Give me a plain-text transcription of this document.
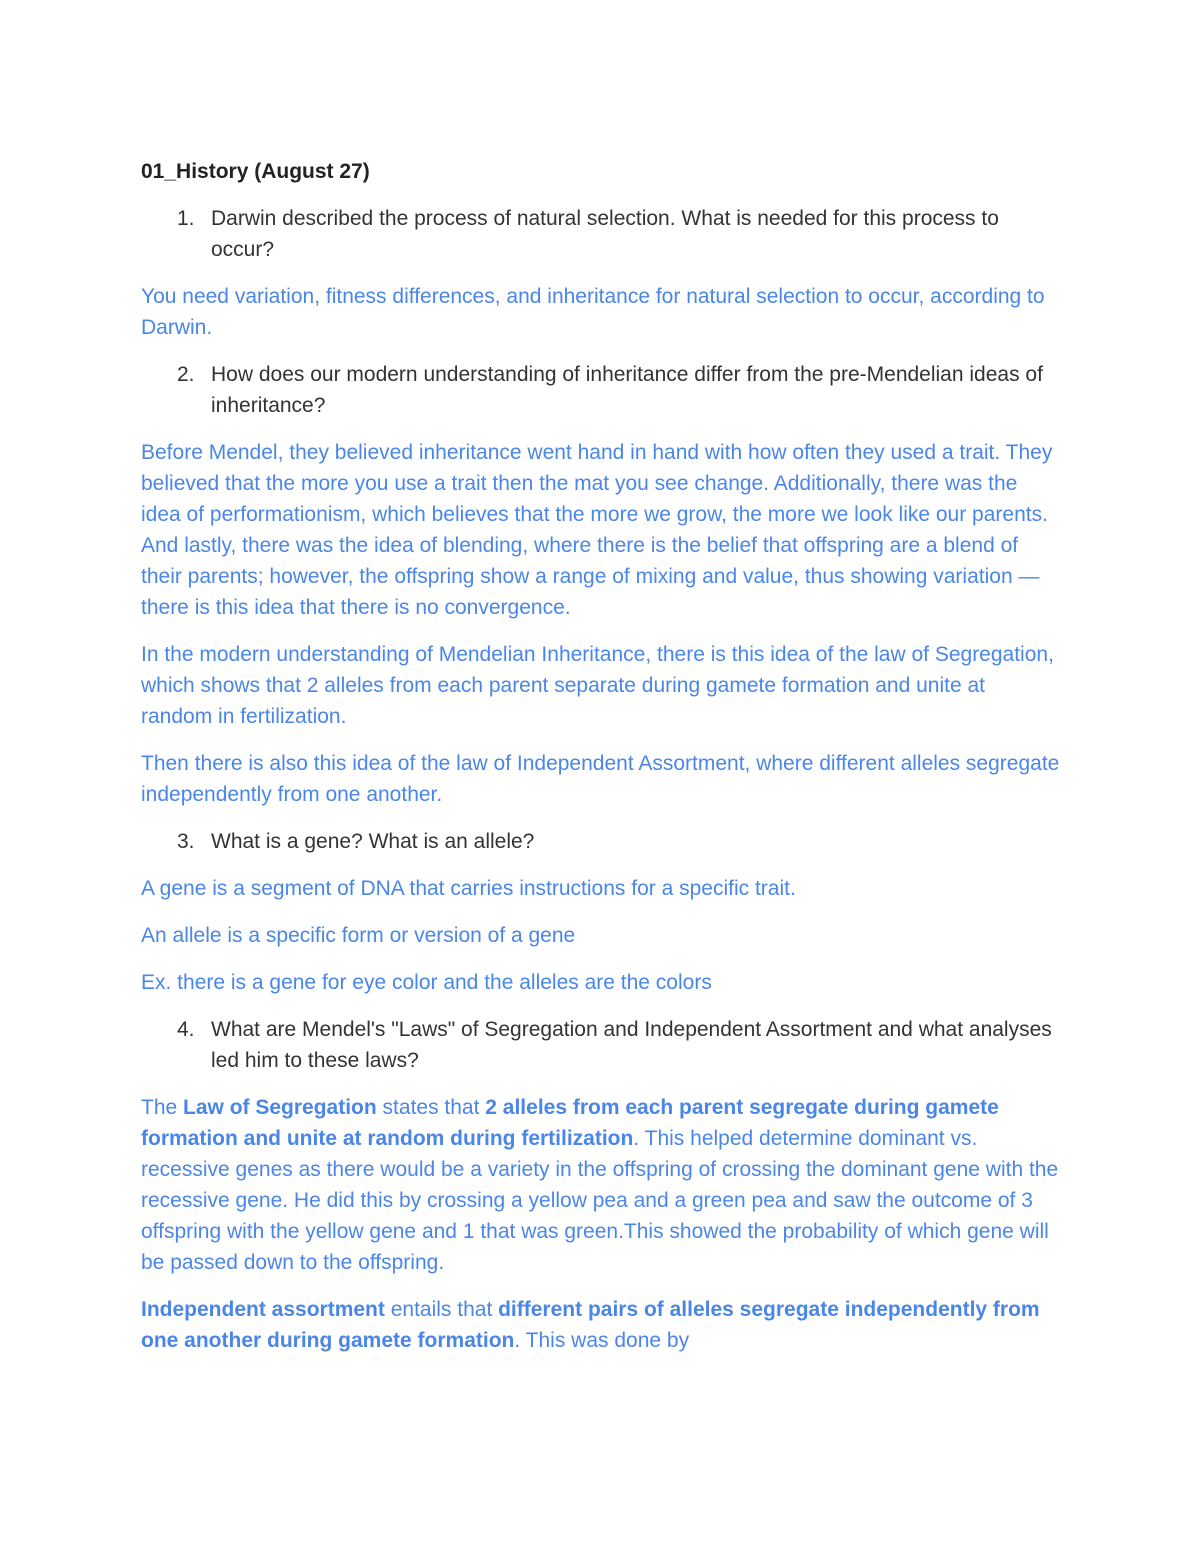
01_History (August 27)
1. Darwin described the process of natural selection. What is needed for this process to occur?

You need variation, fitness differences, and inheritance for natural selection to occur, according to Darwin.

2. How does our modern understanding of inheritance differ from the pre-Mendelian ideas of inheritance?

Before Mendel, they believed inheritance went hand in hand with how often they used a trait. They believed that the more you use a trait then the mat you see change. Additionally, there was the idea of performationism, which believes that the more we grow, the more we look like our parents. And lastly, there was the idea of blending, where there is the belief that offspring are a blend of their parents; however, the offspring show a range of mixing and value, thus showing variation — there is this idea that there is no convergence.

In the modern understanding of Mendelian Inheritance, there is this idea of the law of Segregation, which shows that 2 alleles from each parent separate during gamete formation and unite at random in fertilization.

Then there is also this idea of the law of Independent Assortment, where different alleles segregate independently from one another.

3. What is a gene? What is an allele?

A gene is a segment of DNA that carries instructions for a specific trait.

An allele is a specific form or version of a gene

Ex. there is a gene for eye color and the alleles are the colors

4. What are Mendel's "Laws" of Segregation and Independent Assortment and what analyses led him to these laws?

The Law of Segregation states that 2 alleles from each parent segregate during gamete formation and unite at random during fertilization. This helped determine dominant vs. recessive genes as there would be a variety in the offspring of crossing the dominant gene with the recessive gene. He did this by crossing a yellow pea and a green pea and saw the outcome of 3 offspring with the yellow gene and 1 that was green.This showed the probability of which gene will be passed down to the offspring.

Independent assortment entails that different pairs of alleles segregate independently from one another during gamete formation. This was done by
